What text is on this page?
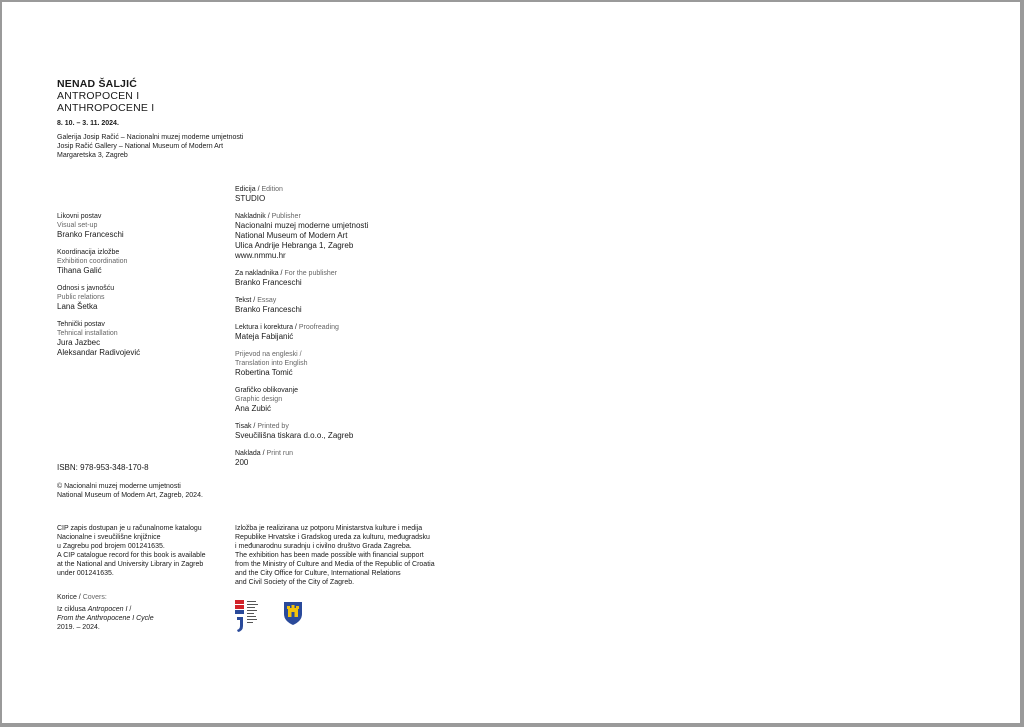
NENAD ŠALJIĆ
ANTROPOCEN I
ANTHROPOCENE I
8. 10. – 3. 11. 2024.
Galerija Josip Račić – Nacionalni muzej moderne umjetnosti
Josip Račić Gallery – National Museum of Modern Art
Margaretska 3, Zagreb
Likovni postav
Visual set-up
Branko Franceschi
Koordinacija izložbe
Exhibition coordination
Tihana Galić
Odnosi s javnošću
Public relations
Lana Šetka
Tehnički postav
Tehnical installation
Jura Jazbec
Aleksandar Radivojević
Edicija / Edition
STUDIO
Nakladnik / Publisher
Nacionalni muzej moderne umjetnosti
National Museum of Modern Art
Ulica Andrije Hebranga 1, Zagreb
www.nmmu.hr
Za nakladnika / For the publisher
Branko Franceschi
Tekst / Essay
Branko Franceschi
Lektura i korektura / Proofreading
Mateja Fabijanić
Prijevod na engleski /
Translation into English
Robertina Tomić
Grafičko oblikovanje
Graphic design
Ana Zubić
Tisak / Printed by
Sveučilišna tiskara d.o.o., Zagreb
Naklada / Print run
200
ISBN: 978-953-348-170-8
© Nacionalni muzej moderne umjetnosti
National Museum of Modern Art, Zagreb, 2024.
CIP zapis dostupan je u računalnome katalogu
Nacionalne i sveučilišne knjižnice
u Zagrebu pod brojem 001241635.
A CIP catalogue record for this book is available
at the National and University Library in Zagreb
under 001241635.
Izložba je realizirana uz potporu Ministarstva kulture i medija
Republike Hrvatske i Gradskog ureda za kulturu, međugradsku
i međunarodnu suradnju i civilno društvo Grada Zagreba.
The exhibition has been made possible with financial support
from the Ministry of Culture and Media of the Republic of Croatia
and the City Office for Culture, International Relations
and Civil Society of the City of Zagreb.
Korice / Covers:
Iz ciklusa Antropocen I /
From the Anthropocene I Cycle
2019. – 2024.
